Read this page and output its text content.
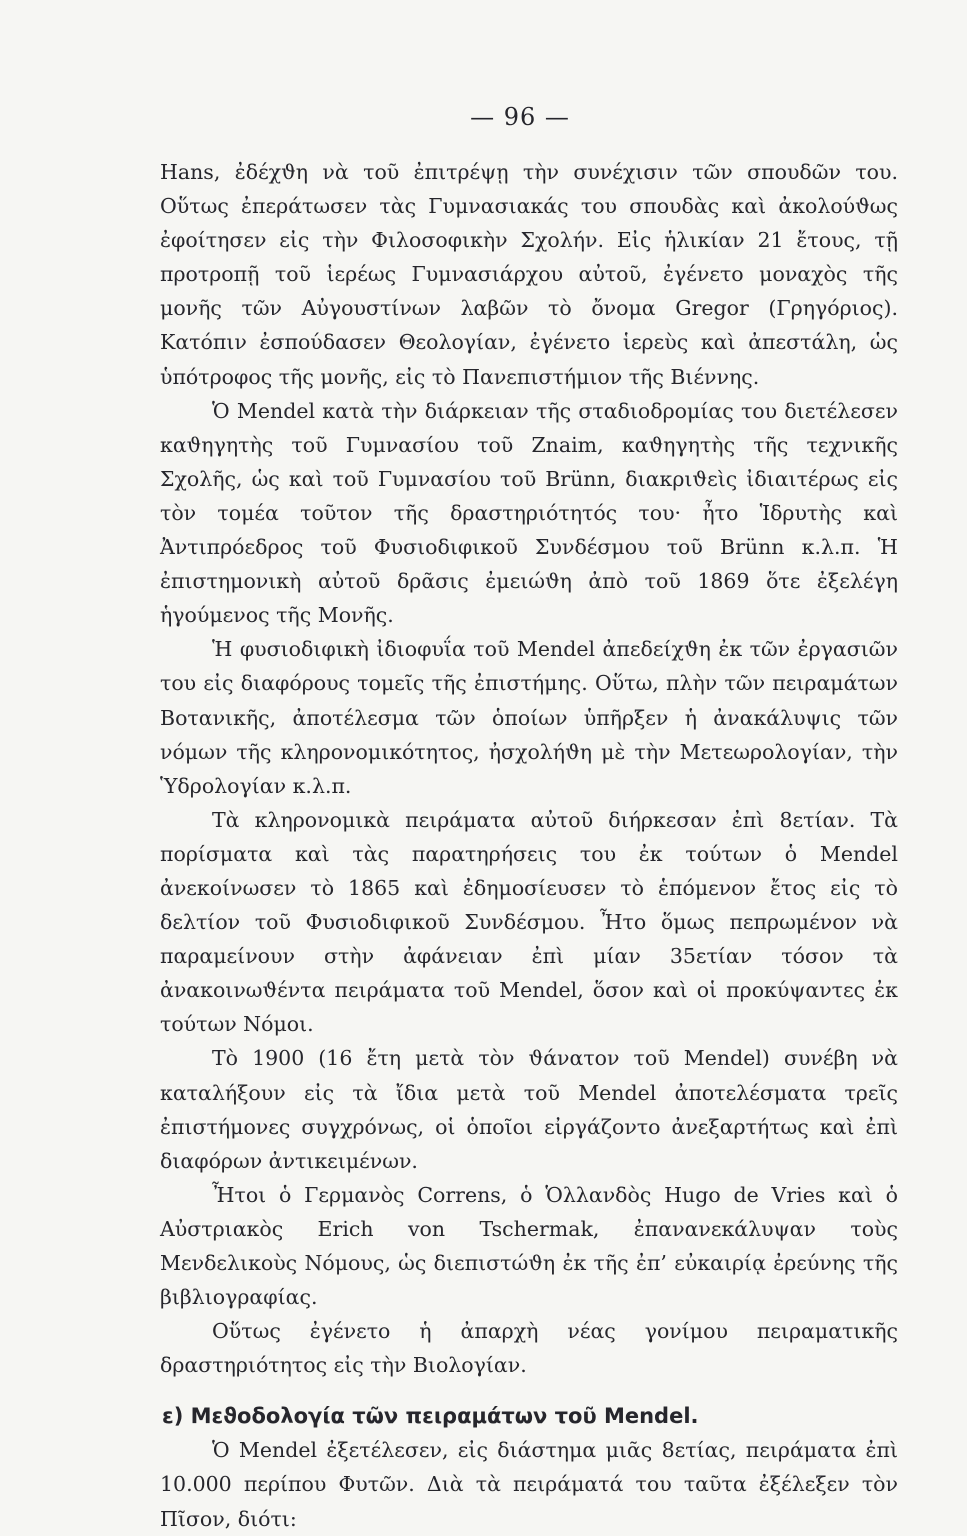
— 96 —

Hans, ἐδέχϑη νὰ τοῦ ἐπιτρέψῃ τὴν συνέχισιν τῶν σπουδῶν του. Οὕτως ἐπεράτωσεν τὰς Γυμνασιακάς του σπουδὰς καὶ ἀκολούϑως ἐφοίτησεν εἰς τὴν Φιλοσοφικὴν Σχολήν. Εἰς ἡλικίαν 21 ἔτους, τῇ προτροπῇ τοῦ ἱερέως Γυμνασιάρχου αὐτοῦ, ἐγένετο μοναχὸς τῆς μονῆς τῶν Αὐγουστίνων λαβῶν τὸ ὄνομα Gregor (Γρηγόριος). Κατόπιν ἐσπούδασεν Θεολογίαν, ἐγένετο ἱερεὺς καὶ ἀπεστάλη, ὡς ὑπότροφος τῆς μονῆς, εἰς τὸ Πανεπιστήμιον τῆς Βιέννης.

Ὁ Mendel κατὰ τὴν διάρκειαν τῆς σταδιοδρομίας του διετέλεσεν καϑηγητὴς τοῦ Γυμνασίου τοῦ Znaim, καϑηγητὴς τῆς τεχνικῆς Σχολῆς, ὡς καὶ τοῦ Γυμνασίου τοῦ Brünn, διακριϑεὶς ἰδιαιτέρως εἰς τὸν τομέα τοῦτον τῆς δραστηριότητός του· ἦτο Ἱδρυτὴς καὶ Ἀντιπρόεδρος τοῦ Φυσιοδιφικοῦ Συνδέσμου τοῦ Brünn κ.λ.π. Ἡ ἐπιστημονικὴ αὐτοῦ δρᾶσις ἐμειώϑη ἀπὸ τοῦ 1869 ὅτε ἐξελέγη ἡγούμενος τῆς Μονῆς.

Ἡ φυσιοδιφικὴ ἰδιοφυΐα τοῦ Mendel ἀπεδείχϑη ἐκ τῶν ἐργασιῶν του εἰς διαφόρους τομεῖς τῆς ἐπιστήμης. Οὕτω, πλὴν τῶν πειραμάτων Βοτανικῆς, ἀποτέλεσμα τῶν ὁποίων ὑπῆρξεν ἡ ἀνακάλυψις τῶν νόμων τῆς κληρονομικότητος, ἠσχολήϑη μὲ τὴν Μετεωρολογίαν, τὴν Ὑδρολογίαν κ.λ.π.

Τὰ κληρονομικὰ πειράματα αὐτοῦ διήρκεσαν ἐπὶ 8ετίαν. Τὰ πορίσματα καὶ τὰς παρατηρήσεις του ἐκ τούτων ὁ Mendel ἀνεκοίνωσεν τὸ 1865 καὶ ἐδημοσίευσεν τὸ ἑπόμενον ἔτος εἰς τὸ δελτίον τοῦ Φυσιοδιφικοῦ Συνδέσμου. Ἦτο ὅμως πεπρωμένον νὰ παραμείνουν στὴν ἀφάνειαν ἐπὶ μίαν 35ετίαν τόσον τὰ ἀνακοινωϑέντα πειράματα τοῦ Mendel, ὅσον καὶ οἱ προκύψαντες ἐκ τούτων Νόμοι.

Τὸ 1900 (16 ἔτη μετὰ τὸν ϑάνατον τοῦ Mendel) συνέβη νὰ καταλήξουν εἰς τὰ ἴδια μετὰ τοῦ Mendel ἀποτελέσματα τρεῖς ἐπιστήμονες συγχρόνως, οἱ ὁποῖοι εἰργάζοντο ἀνεξαρτήτως καὶ ἐπὶ διαφόρων ἀντικειμένων.

Ἦτοι ὁ Γερμανὸς Correns, ὁ Ὁλλανδὸς Hugo de Vries καὶ ὁ Αὐστριακὸς Erich von Tschermak, ἐπανανεκάλυψαν τοὺς Μενδελικοὺς Νόμους, ὡς διεπιστώϑη ἐκ τῆς ἐπ’ εὐκαιρίᾳ ἐρεύνης τῆς βιβλιογραφίας.

Οὕτως ἐγένετο ἡ ἀπαρχὴ νέας γονίμου πειραματικῆς δραστηριότητος εἰς τὴν Βιολογίαν.

ε) Μεϑοδολογία τῶν πειραμάτων τοῦ Mendel.

Ὁ Mendel ἐξετέλεσεν, εἰς διάστημα μιᾶς 8ετίας, πειράματα ἐπὶ 10.000 περίπου Φυτῶν. Διὰ τὰ πειράματά του ταῦτα ἐξέλεξεν τὸν Πῖσον, διότι:
